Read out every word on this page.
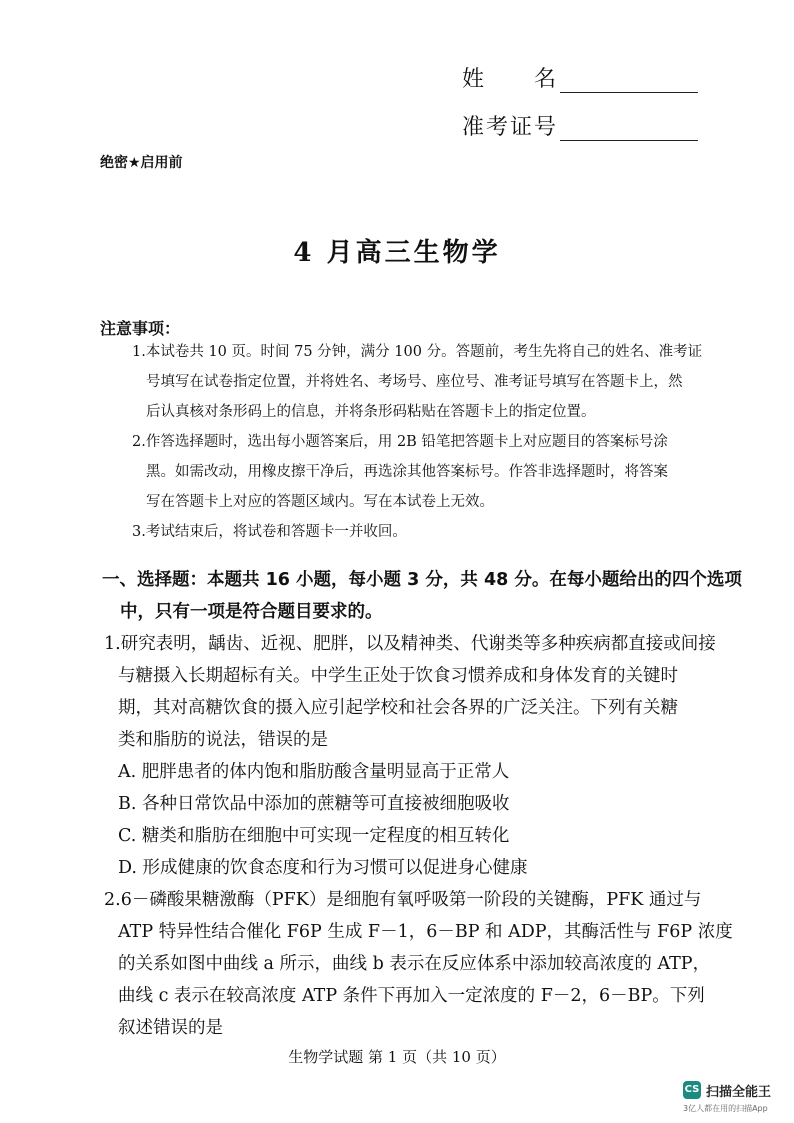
姓　　名
准考证号
绝密★启用前
4 月高三生物学
注意事项：
1.本试卷共 10 页。时间 75 分钟，满分 100 分。答题前，考生先将自己的姓名、准考证
号填写在试卷指定位置，并将姓名、考场号、座位号、准考证号填写在答题卡上，然
后认真核对条形码上的信息，并将条形码粘贴在答题卡上的指定位置。
2.作答选择题时，选出每小题答案后，用 2B 铅笔把答题卡上对应题目的答案标号涂
黑。如需改动，用橡皮擦干净后，再选涂其他答案标号。作答非选择题时，将答案
写在答题卡上对应的答题区域内。写在本试卷上无效。
3.考试结束后，将试卷和答题卡一并收回。
一、选择题：本题共 16 小题，每小题 3 分，共 48 分。在每小题给出的四个选项
中，只有一项是符合题目要求的。
1.研究表明，龋齿、近视、肥胖，以及精神类、代谢类等多种疾病都直接或间接
与糖摄入长期超标有关。中学生正处于饮食习惯养成和身体发育的关键时
期，其对高糖饮食的摄入应引起学校和社会各界的广泛关注。下列有关糖
类和脂肪的说法，错误的是
A. 肥胖患者的体内饱和脂肪酸含量明显高于正常人
B. 各种日常饮品中添加的蔗糖等可直接被细胞吸收
C. 糖类和脂肪在细胞中可实现一定程度的相互转化
D. 形成健康的饮食态度和行为习惯可以促进身心健康
2.6－磷酸果糖激酶（PFK）是细胞有氧呼吸第一阶段的关键酶，PFK 通过与
ATP 特异性结合催化 F6P 生成 F－1，6－BP 和 ADP，其酶活性与 F6P 浓度
的关系如图中曲线 a 所示，曲线 b 表示在反应体系中添加较高浓度的 ATP，
曲线 c 表示在较高浓度 ATP 条件下再加入一定浓度的 F－2，6－BP。下列
叙述错误的是
生物学试题 第 1 页（共 10 页）
CS 扫描全能王
3亿人都在用的扫描App
